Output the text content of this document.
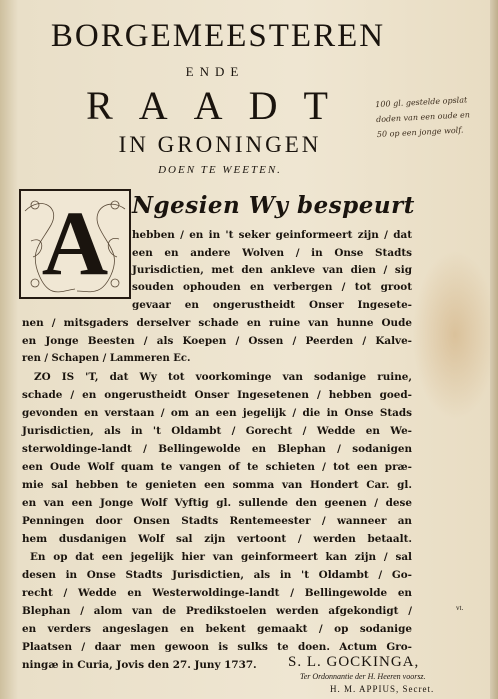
BORGEMEESTEREN
ENDE
RAADT
IN GRONINGEN
DOEN TE WEETEN.
100 gl. gestelde opslat
doden van een oude en
50 op een jonge wolf.
A	Ngesien Wy bespeurt
hebben / en in 't seker geinformeert zijn / dat
een en andere Wolven / in Onse Stadts
Jurisdictien, met den ankleve van dien / sig
souden ophouden en verbergen / tot groot
gevaar en ongerustheidt Onser Ingesete-
nen / mitsgaders derselver schade en ruine van hunne Oude
en Jonge Beesten / als Koepen / Ossen / Peerden / Kalve-
ren / Schapen / Lammeren Ec.
ZO IS 'T, dat Wy tot voorkominge van sodanige ruine,
schade / en ongerustheidt Onser Ingesetenen / hebben goed-
gevonden en verstaan / om an een jegelijk / die in Onse Stads
Jurisdictien, als in 't Oldambt / Gorecht / Wedde en We-
sterwoldinge-landt / Bellingewolde en Blephan / sodanigen
een Oude Wolf quam te vangen of te schieten / tot een præ-
mie sal hebben te genieten een somma van Hondert Car. gl.
en van een Jonge Wolf Vyftig gl. sullende den geenen / dese
Penningen door Onsen Stadts Rentemeester / wanneer an
hem dusdanigen Wolf sal zijn vertoont / werden betaalt.
En op dat een jegelijk hier van geinformeert kan zijn / sal
desen in Onse Stadts Jurisdictien, als in 't Oldambt / Go-
recht / Wedde en Westerwoldinge-landt / Bellingewolde en
Blephan / alom van de Predikstoelen werden afgekondigt /
en verders angeslagen en bekent gemaakt / op sodanige
Plaatsen / daar men gewoon is sulks te doen. Actum Gro-
ningæ in Curia, Jovis den 27. Juny 1737.
vt.
S. L. GOCKINGA,
Ter Ordonnantie der H. Heeren voorsz.
H. M. APPIUS, Secret.
